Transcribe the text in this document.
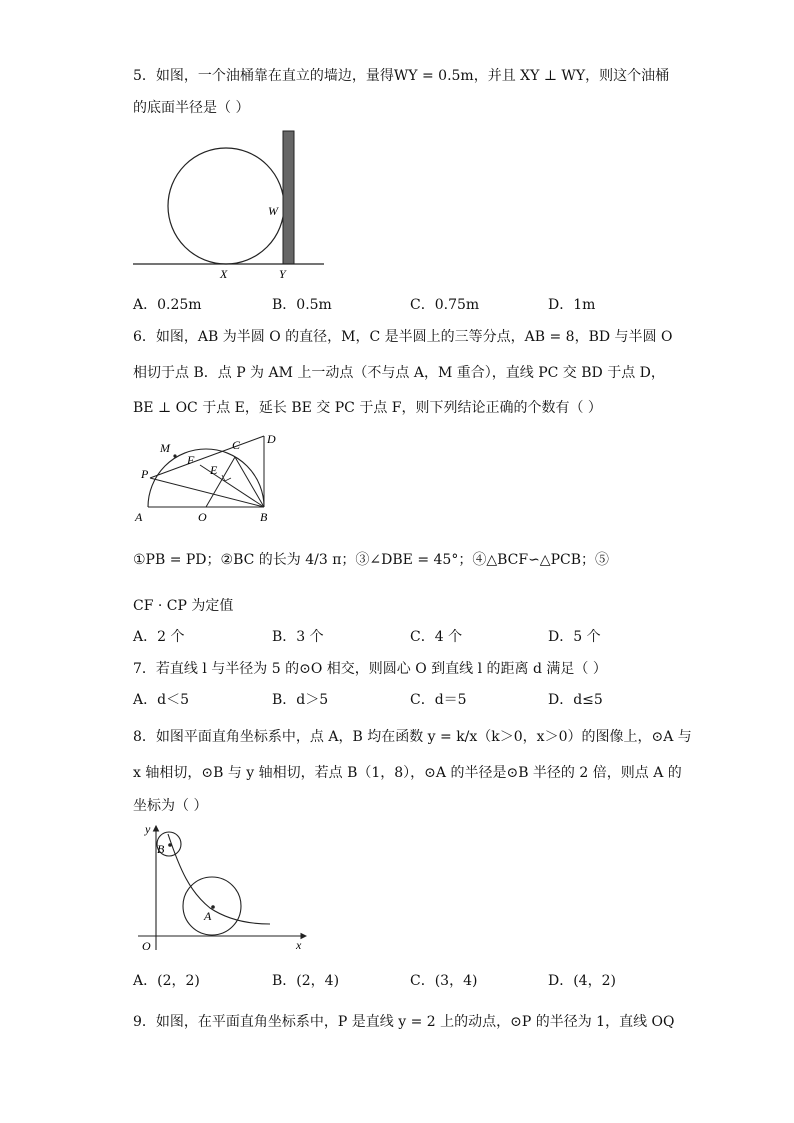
5．如图，一个油桶靠在直立的墙边，量得WY = 0.5m，并且 XY ⊥ WY，则这个油桶
的底面半径是（ ）
W
X	Y
A．0.25m	B．0.5m	C．0.75m	D．1m
6．如图，AB 为半圆 O 的直径，M，C 是半圆上的三等分点，AB = 8，BD 与半圆 O
相切于点 B．点 P 为 AM 上一动点（不与点 A，M 重合），直线 PC 交 BD 于点 D，
BE ⊥ OC 于点 E，延长 BE 交 PC 于点 F，则下列结论正确的个数有（ ）
M	C D
P
F
E
A	O	B
①PB = PD；②BC 的长为 4/3 π；③∠DBE = 45°；④△BCF∽△PCB；⑤
CF · CP 为定值
A．2 个	B．3 个	C．4 个	D．5 个
7．若直线 l 与半径为 5 的⊙O 相交，则圆心 O 到直线 l 的距离 d 满足（ ）
A．d＜5	B．d＞5	C．d＝5	D．d≤5
8．如图平面直角坐标系中，点 A，B 均在函数 y = k/x（k＞0，x＞0）的图像上，⊙A 与
x 轴相切，⊙B 与 y 轴相切，若点 B（1，8），⊙A 的半径是⊙B 半径的 2 倍，则点 A 的
坐标为（ ）
y
x
O
B
A
A．(2，2)	B．(2，4)	C．(3，4)	D．(4，2)
9．如图，在平面直角坐标系中，P 是直线 y = 2 上的动点，⊙P 的半径为 1，直线 OQ
